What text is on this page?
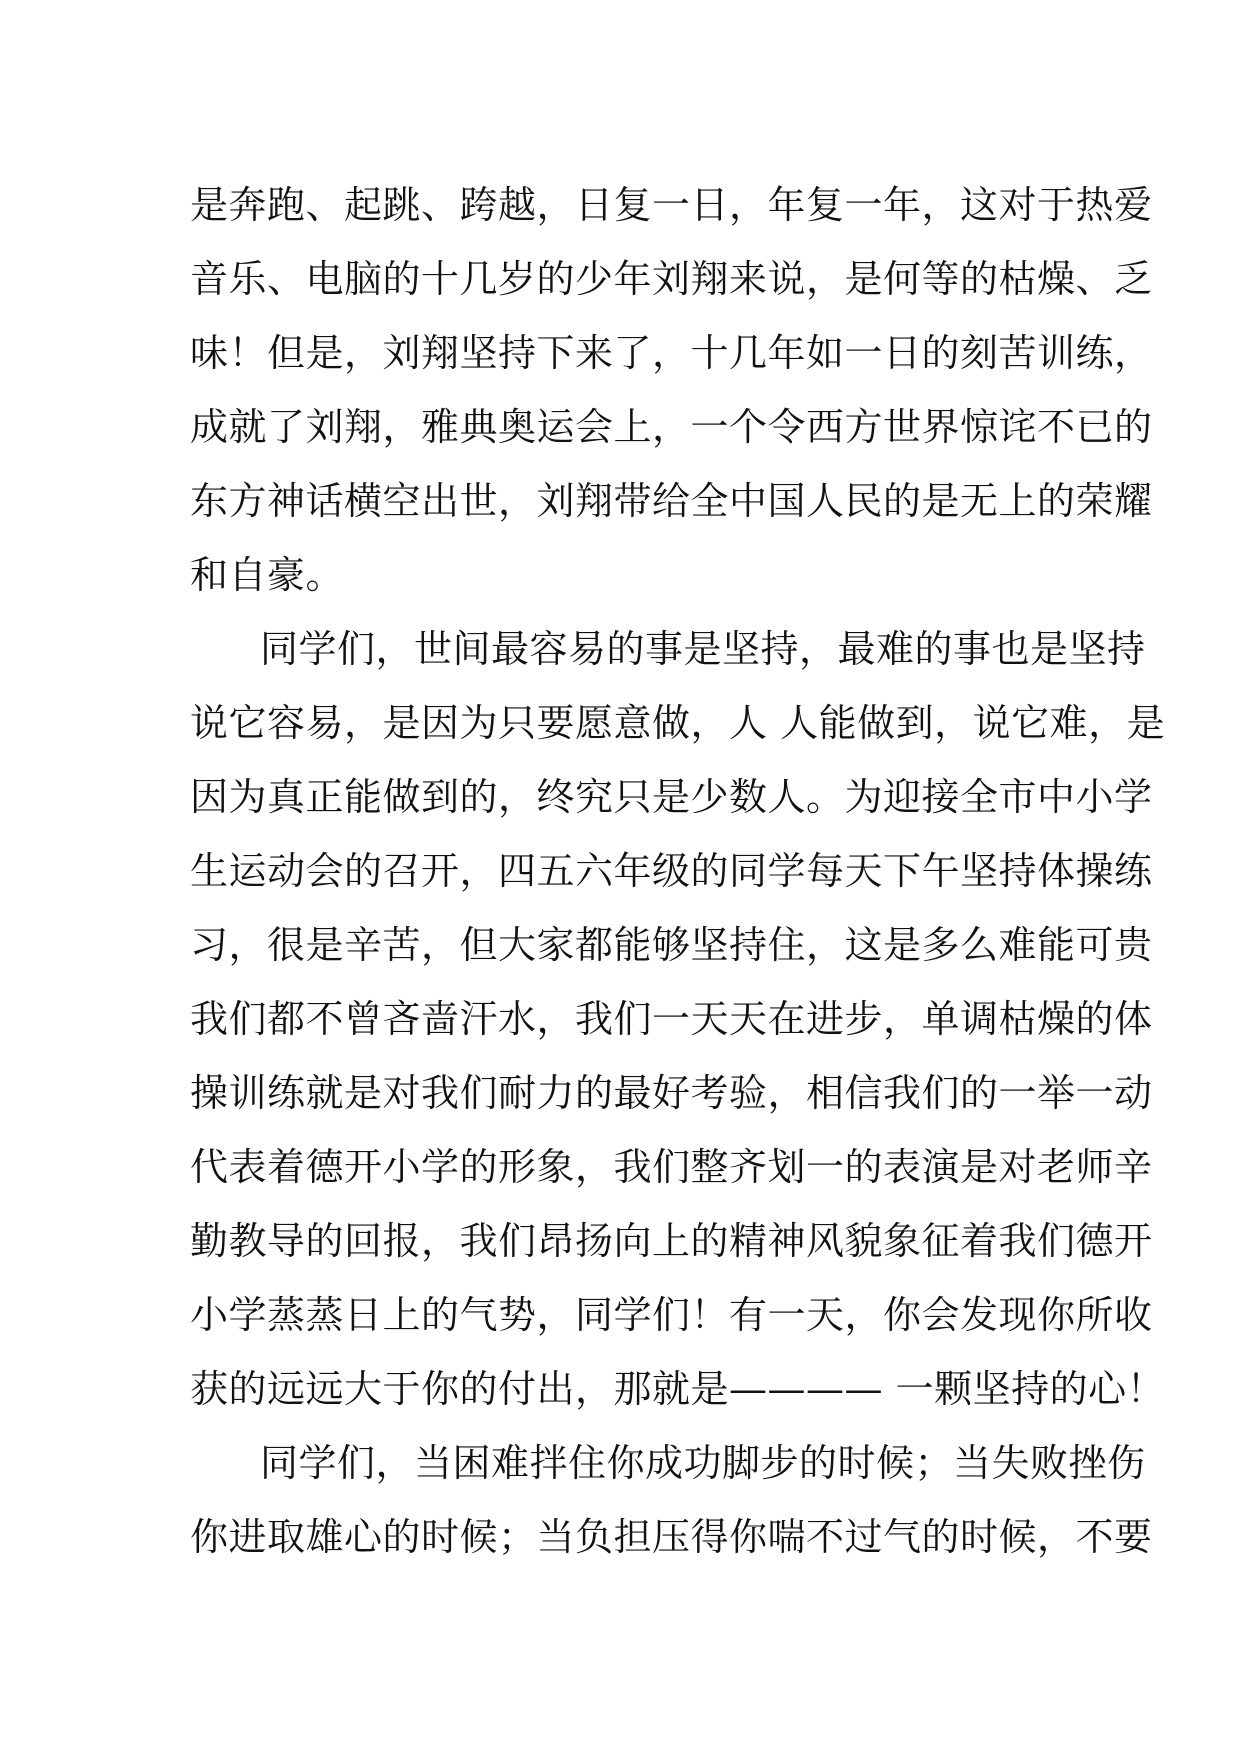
是奔跑、起跳、跨越，日复一日，年复一年，这对于热爱
音乐、电脑的十几岁的少年刘翔来说，是何等的枯燥、乏
味！但是，刘翔坚持下来了，十几年如一日的刻苦训练，
成就了刘翔，雅典奥运会上，一个令西方世界惊诧不已的
东方神话横空出世，刘翔带给全中国人民的是无上的荣耀
和自豪。
同学们，世间最容易的事是坚持，最难的事也是坚持
说它容易，是因为只要愿意做，人 人能做到，说它难，是
因为真正能做到的，终究只是少数人。为迎接全市中小学
生运动会的召开，四五六年级的同学每天下午坚持体操练
习，很是辛苦，但大家都能够坚持住，这是多么难能可贵
我们都不曾吝啬汗水，我们一天天在进步，单调枯燥的体
操训练就是对我们耐力的最好考验，相信我们的一举一动
代表着德开小学的形象，我们整齐划一的表演是对老师辛
勤教导的回报，我们昂扬向上的精神风貌象征着我们德开
小学蒸蒸日上的气势，同学们！有一天，你会发现你所收
获的远远大于你的付出，那就是———— 一颗坚持的心！
同学们，当困难拌住你成功脚步的时候；当失败挫伤
你进取雄心的时候；当负担压得你喘不过气的时候，不要
